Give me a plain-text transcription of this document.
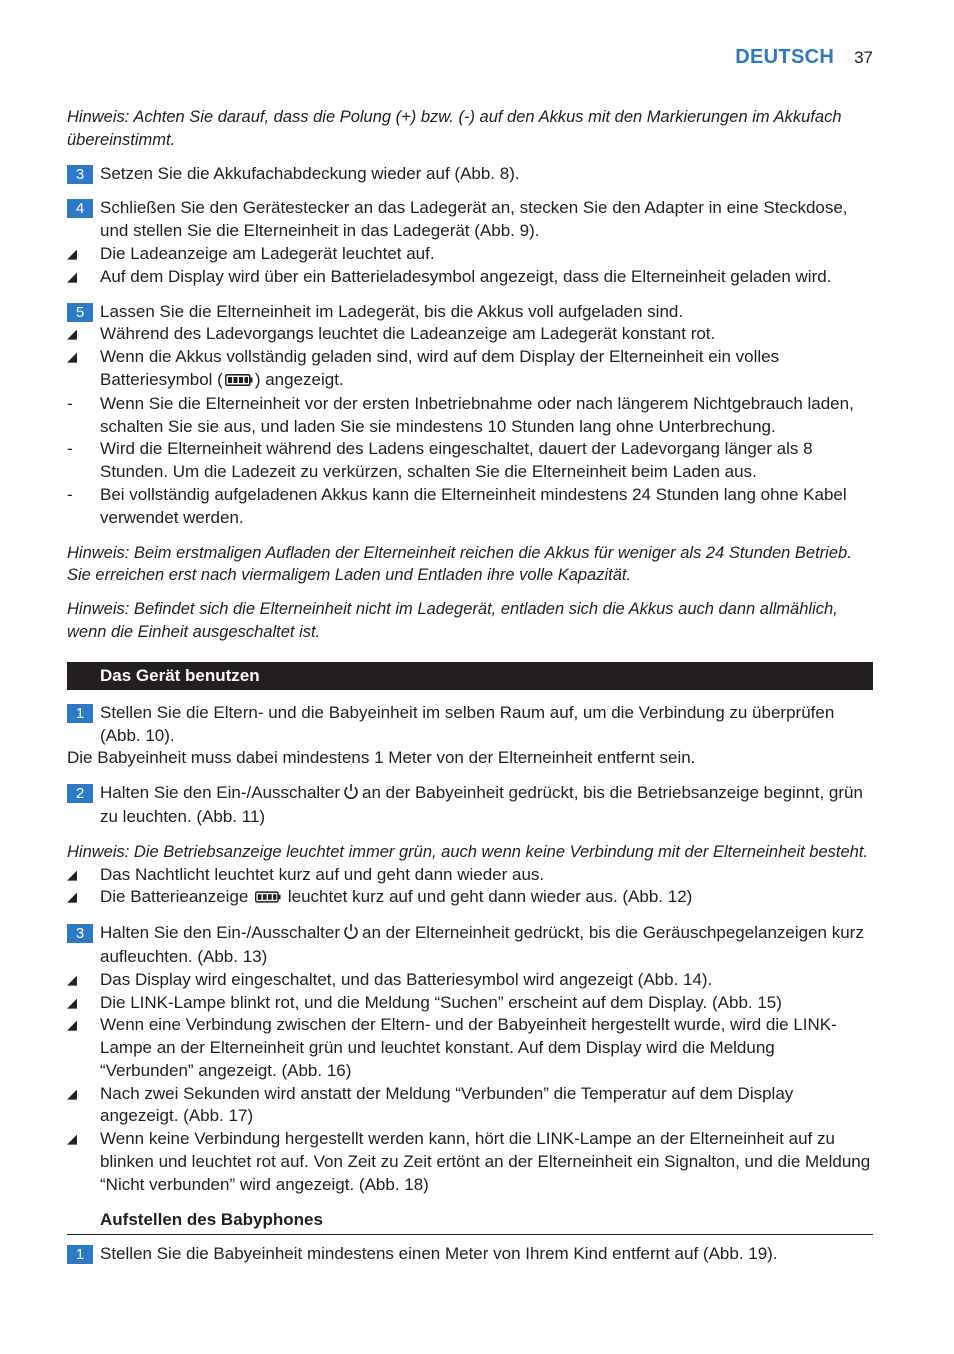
DEUTSCH 37

Hinweis: Achten Sie darauf, dass die Polung (+) bzw. (-) auf den Akkus mit den Markierungen im Akkufach übereinstimmt.

3 Setzen Sie die Akkufachabdeckung wieder auf (Abb. 8).
4 Schließen Sie den Gerätestecker an das Ladegerät an, stecken Sie den Adapter in eine Steckdose, und stellen Sie die Elterneinheit in das Ladegerät (Abb. 9).
◢ Die Ladeanzeige am Ladegerät leuchtet auf.
◢ Auf dem Display wird über ein Batterieladesymbol angezeigt, dass die Elterneinheit geladen wird.
5 Lassen Sie die Elterneinheit im Ladegerät, bis die Akkus voll aufgeladen sind.
◢ Während des Ladevorgangs leuchtet die Ladeanzeige am Ladegerät konstant rot.
◢ Wenn die Akkus vollständig geladen sind, wird auf dem Display der Elterneinheit ein volles Batteriesymbol ( ) angezeigt.
- Wenn Sie die Elterneinheit vor der ersten Inbetriebnahme oder nach längerem Nichtgebrauch laden, schalten Sie sie aus, und laden Sie sie mindestens 10 Stunden lang ohne Unterbrechung.
- Wird die Elterneinheit während des Ladens eingeschaltet, dauert der Ladevorgang länger als 8 Stunden. Um die Ladezeit zu verkürzen, schalten Sie die Elterneinheit beim Laden aus.
- Bei vollständig aufgeladenen Akkus kann die Elterneinheit mindestens 24 Stunden lang ohne Kabel verwendet werden.

Hinweis: Beim erstmaligen Aufladen der Elterneinheit reichen die Akkus für weniger als 24 Stunden Betrieb. Sie erreichen erst nach viermaligem Laden und Entladen ihre volle Kapazität.

Hinweis: Befindet sich die Elterneinheit nicht im Ladegerät, entladen sich die Akkus auch dann allmählich, wenn die Einheit ausgeschaltet ist.

Das Gerät benutzen
1 Stellen Sie die Eltern- und die Babyeinheit im selben Raum auf, um die Verbindung zu überprüfen (Abb. 10).
Die Babyeinheit muss dabei mindestens 1 Meter von der Elterneinheit entfernt sein.
2 Halten Sie den Ein-/Ausschalter an der Babyeinheit gedrückt, bis die Betriebsanzeige beginnt, grün zu leuchten. (Abb. 11)

Hinweis: Die Betriebsanzeige leuchtet immer grün, auch wenn keine Verbindung mit der Elterneinheit besteht.

◢ Das Nachtlicht leuchtet kurz auf und geht dann wieder aus.
◢ Die Batterieanzeige leuchtet kurz auf und geht dann wieder aus. (Abb. 12)
3 Halten Sie den Ein-/Ausschalter an der Elterneinheit gedrückt, bis die Geräuschpegelanzeigen kurz aufleuchten. (Abb. 13)
◢ Das Display wird eingeschaltet, und das Batteriesymbol wird angezeigt (Abb. 14).
◢ Die LINK-Lampe blinkt rot, und die Meldung “Suchen” erscheint auf dem Display. (Abb. 15)
◢ Wenn eine Verbindung zwischen der Eltern- und der Babyeinheit hergestellt wurde, wird die LINK-Lampe an der Elterneinheit grün und leuchtet konstant. Auf dem Display wird die Meldung “Verbunden” angezeigt. (Abb. 16)
◢ Nach zwei Sekunden wird anstatt der Meldung “Verbunden” die Temperatur auf dem Display angezeigt. (Abb. 17)
◢ Wenn keine Verbindung hergestellt werden kann, hört die LINK-Lampe an der Elterneinheit auf zu blinken und leuchtet rot auf. Von Zeit zu Zeit ertönt an der Elterneinheit ein Signalton, und die Meldung “Nicht verbunden” wird angezeigt. (Abb. 18)
Aufstellen des Babyphones
1 Stellen Sie die Babyeinheit mindestens einen Meter von Ihrem Kind entfernt auf (Abb. 19).
